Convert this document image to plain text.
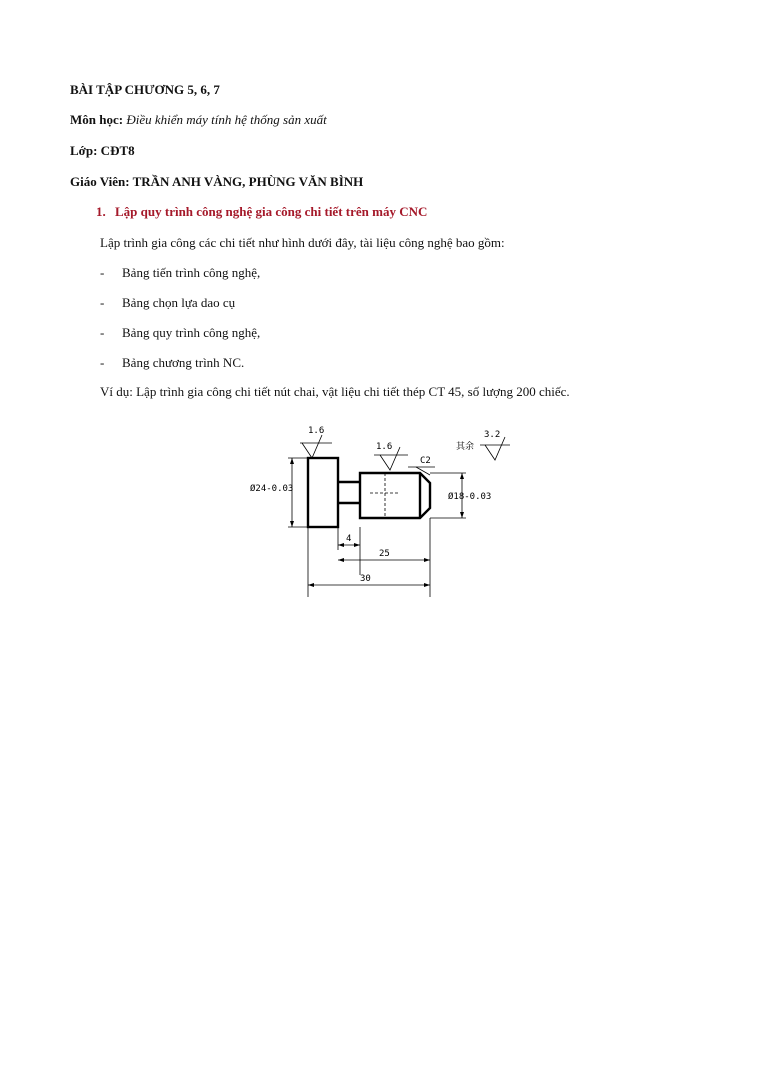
BÀI TẬP CHƯƠNG 5, 6, 7
Môn học: Điều khiển máy tính hệ thống sản xuất
Lớp: CĐT8
Giáo Viên: TRẦN ANH VÀNG, PHÙNG VĂN BÌNH
1. Lập quy trình công nghệ gia công chi tiết trên máy CNC
Lập trình gia công các chi tiết như hình dưới đây, tài liệu công nghệ bao gồm:
- Bảng tiến trình công nghệ,
- Bảng chọn lựa dao cụ
- Bảng quy trình công nghệ,
- Bảng chương trình NC.
Ví dụ: Lập trình gia công chi tiết nút chai, vật liệu chi tiết thép CT 45, số lượng 200 chiếc.
1.6
1.6
3.2
其余
C2
Ø24-0.03
Ø18-0.03
4
25
30
